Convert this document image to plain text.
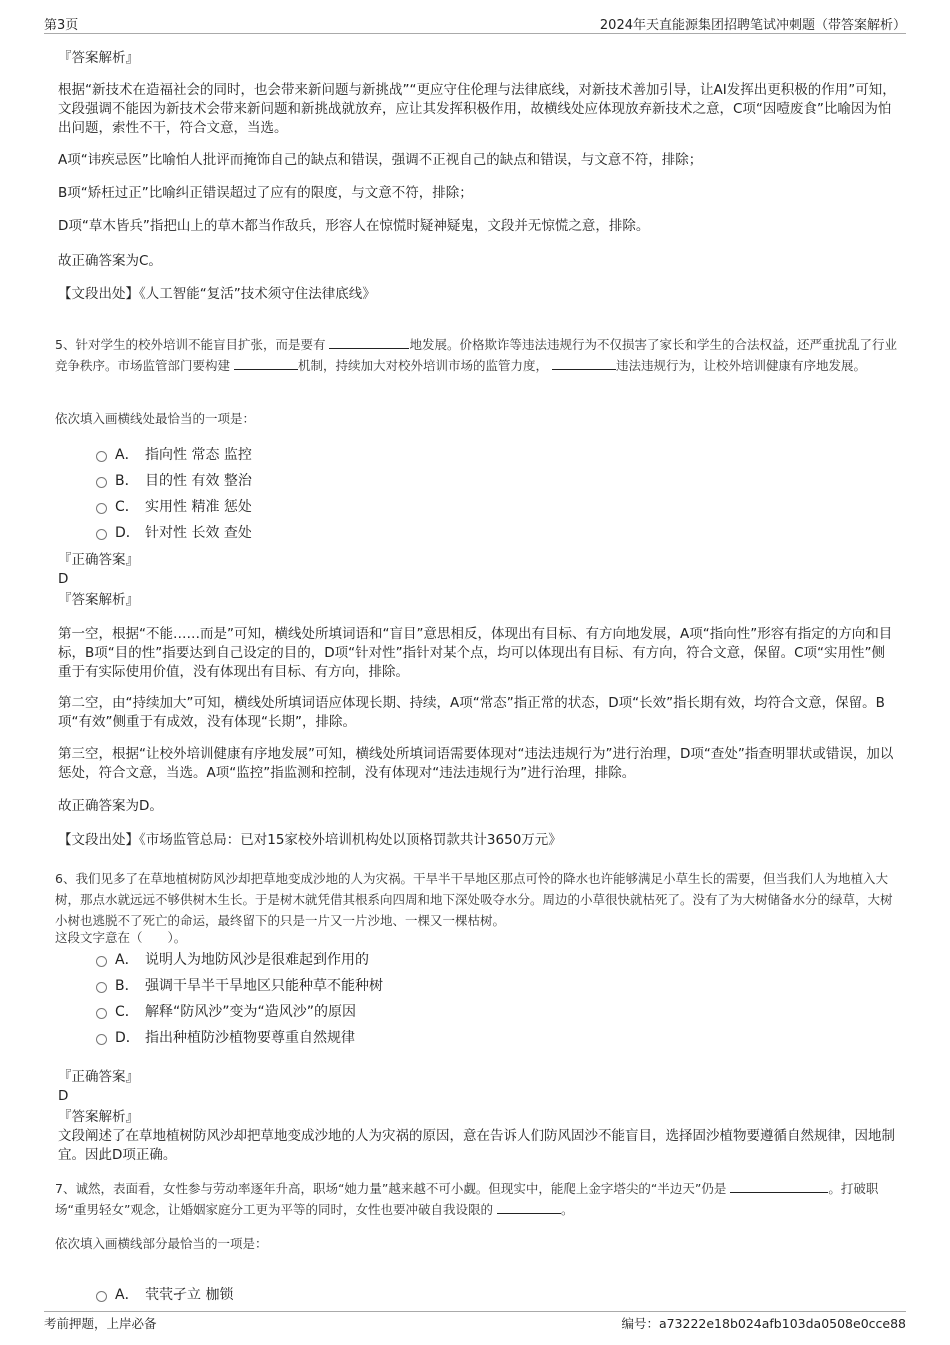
第3页	2024年天直能源集团招聘笔试冲刺题（带答案解析）
『答案解析』
根据“新技术在造福社会的同时，也会带来新问题与新挑战”“更应守住伦理与法律底线，对新技术善加引导，让AI发挥出更积极的作用”可知，文段强调不能因为新技术会带来新问题和新挑战就放弃，应让其发挥积极作用，故横线处应体现放弃新技术之意，C项“因噎废食”比喻因为怕出问题，索性不干，符合文意，当选。
A项“讳疾忌医”比喻怕人批评而掩饰自己的缺点和错误，强调不正视自己的缺点和错误，与文意不符，排除；
B项“矫枉过正”比喻纠正错误超过了应有的限度，与文意不符，排除；
D项“草木皆兵”指把山上的草木都当作敌兵，形容人在惊慌时疑神疑鬼，文段并无惊慌之意，排除。
故正确答案为C。
【文段出处】《人工智能“复活”技术须守住法律底线》
5、针对学生的校外培训不能盲目扩张，而是要有	地发展。价格欺诈等违法违规行为不仅损害了家长和学生的合法权益，还严重扰乱了行业竞争秩序。市场监管部门要构建	机制，持续加大对校外培训市场的监管力度，	违法违规行为，让校外培训健康有序地发展。
依次填入画横线处最恰当的一项是：
A． 指向性 常态 监控
B． 目的性 有效 整治
C． 实用性 精准 惩处
D． 针对性 长效 查处
『正确答案』
D
『答案解析』
第一空，根据“不能……而是”可知，横线处所填词语和“盲目”意思相反，体现出有目标、有方向地发展，A项“指向性”形容有指定的方向和目标，B项“目的性”指要达到自己设定的目的，D项“针对性”指针对某个点，均可以体现出有目标、有方向，符合文意，保留。C项“实用性”侧重于有实际使用价值，没有体现出有目标、有方向，排除。
第二空，由“持续加大”可知，横线处所填词语应体现长期、持续，A项“常态”指正常的状态，D项“长效”指长期有效，均符合文意，保留。B项“有效”侧重于有成效，没有体现“长期”，排除。
第三空，根据“让校外培训健康有序地发展”可知，横线处所填词语需要体现对“违法违规行为”进行治理，D项“查处”指查明罪状或错误，加以惩处，符合文意，当选。A项“监控”指监测和控制，没有体现对“违法违规行为”进行治理，排除。
故正确答案为D。
【文段出处】《市场监管总局：已对15家校外培训机构处以顶格罚款共计3650万元》
6、我们见多了在草地植树防风沙却把草地变成沙地的人为灾祸。干旱半干旱地区那点可怜的降水也许能够满足小草生长的需要，但当我们人为地植入大树，那点水就远远不够供树木生长。于是树木就凭借其根系向四周和地下深处吸夺水分。周边的小草很快就枯死了。没有了为大树储备水分的绿草，大树小树也逃脱不了死亡的命运，最终留下的只是一片又一片沙地、一棵又一棵枯树。
这段文字意在（　　）。
A． 说明人为地防风沙是很难起到作用的
B． 强调干旱半干旱地区只能种草不能种树
C． 解释“防风沙”变为“造风沙”的原因
D． 指出种植防沙植物要尊重自然规律
『正确答案』
D
『答案解析』
文段阐述了在草地植树防风沙却把草地变成沙地的人为灾祸的原因，意在告诉人们防风固沙不能盲目，选择固沙植物要遵循自然规律，因地制宜。因此D项正确。
7、诚然，表面看，女性参与劳动率逐年升高，职场“她力量”越来越不可小觑。但现实中，能爬上金字塔尖的“半边天”仍是	。打破职场“重男轻女”观念，让婚姻家庭分工更为平等的同时，女性也要冲破自我设限的	。
依次填入画横线部分最恰当的一项是：
A． 茕茕孑立 枷锁
考前押题，上岸必备	编号：a73222e18b024afb103da0508e0cce88
